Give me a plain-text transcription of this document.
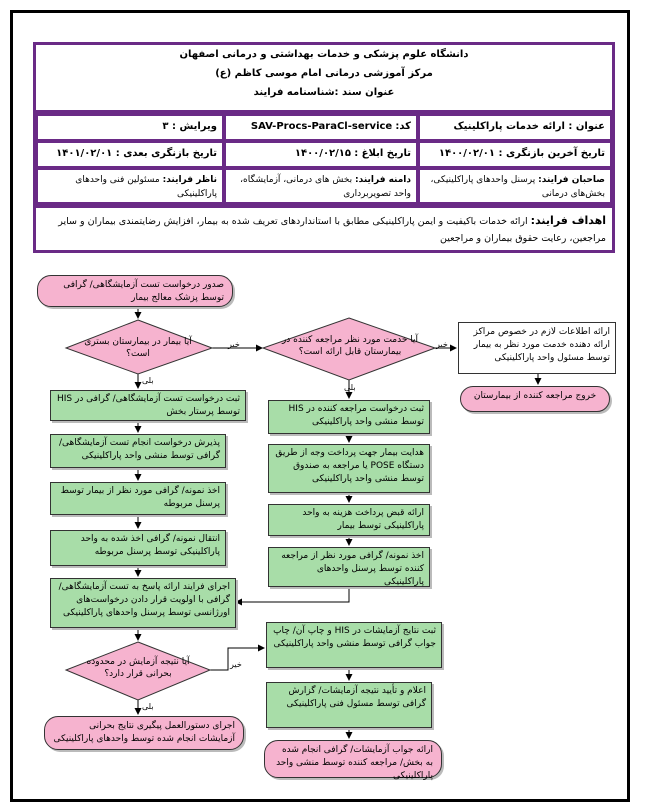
دانشگاه علوم پزشکی و خدمات بهداشتی و درمانی اصفهان
مرکز آموزشی درمانی امام موسی کاظم (ع)
عنوان سند :شناسنامه فرایند
عنوان : ارائه خدمات پاراکلینیک
کد: SAV-Procs-ParaCl-service
ویرایش : ۳
تاریخ آخرین بازنگری : ۱۴۰۰/۰۲/۰۱
تاریخ ابلاغ : ۱۴۰۰/۰۲/۱۵
تاریخ بازنگری بعدی : ۱۴۰۱/۰۲/۰۱
صاحبان فرایند: پرسنل واحدهای پاراکلینیکی، بخش‌های درمانی
دامنه فرایند: بخش های درمانی، آزمایشگاه، واحد تصویربرداری
ناظر فرایند: مسئولین فنی واحدهای پاراکلینیکی
اهداف فرایند: ارائه خدمات باکیفیت و ایمن پاراکلینیکی مطابق با استانداردهای تعریف شده به بیمار، افزایش رضایتمندی بیماران و سایر مراجعین، رعایت حقوق بیماران و مراجعین
صدور درخواست تست آزمایشگاهی/ گرافی توسط پزشک معالج بیمار
آیا بیمار در بیمارستان بستری است؟
آیا خدمت مورد نظر مراجعه کننده در بیمارستان قابل ارائه است؟
آیا نتیجه آزمایش در محدوده بحرانی قرار دارد؟
خیر	خیر
بلی
بلی
بلی
خیر
ارائه اطلاعات لازم در خصوص مراکز ارائه دهنده خدمت مورد نظر به بیمار توسط مسئول واحد پاراکلینیکی
خروج مراجعه کننده از بیمارستان
ثبت درخواست تست آزمایشگاهی/ گرافی در HIS توسط پرستار بخش
پذیرش درخواست انجام تست آزمایشگاهی/ گرافی توسط منشی واحد پاراکلینیکی
اخذ نمونه/ گرافی مورد نظر از بیمار توسط پرسنل مربوطه
انتقال نمونه/ گرافی اخذ شده به واحد پاراکلینیکی توسط پرسنل مربوطه
اجرای فرایند ارائه پاسخ به تست آزمایشگاهی/ گرافی با اولویت قرار دادن درخواست‌های اورژانسی توسط پرسنل واحدهای پاراکلینیکی
اجرای دستورالعمل پیگیری نتایج بحرانی آزمایشات انجام شده توسط واحدهای پاراکلینیکی
ثبت درخواست مراجعه کننده در HIS توسط منشی واحد پاراکلینیکی
هدایت بیمار جهت پرداخت وجه از طریق دستگاه POSE یا مراجعه به صندوق توسط منشی واحد پاراکلینیکی
ارائه قبض پرداخت هزینه به واحد پاراکلینیکی توسط بیمار
اخذ نمونه/ گرافی مورد نظر از مراجعه کننده توسط پرسنل واحدهای پاراکلینیکی
ثبت نتایج آزمایشات در HIS و چاپ آن/ چاپ جواب گرافی توسط منشی واحد پاراکلینیکی
اعلام و تأیید نتیجه آزمایشات/ گزارش گرافی توسط مسئول فنی پاراکلینیکی
ارائه جواب آزمایشات/ گرافی انجام شده به بخش/ مراجعه کننده توسط منشی واحد پاراکلینیکی
